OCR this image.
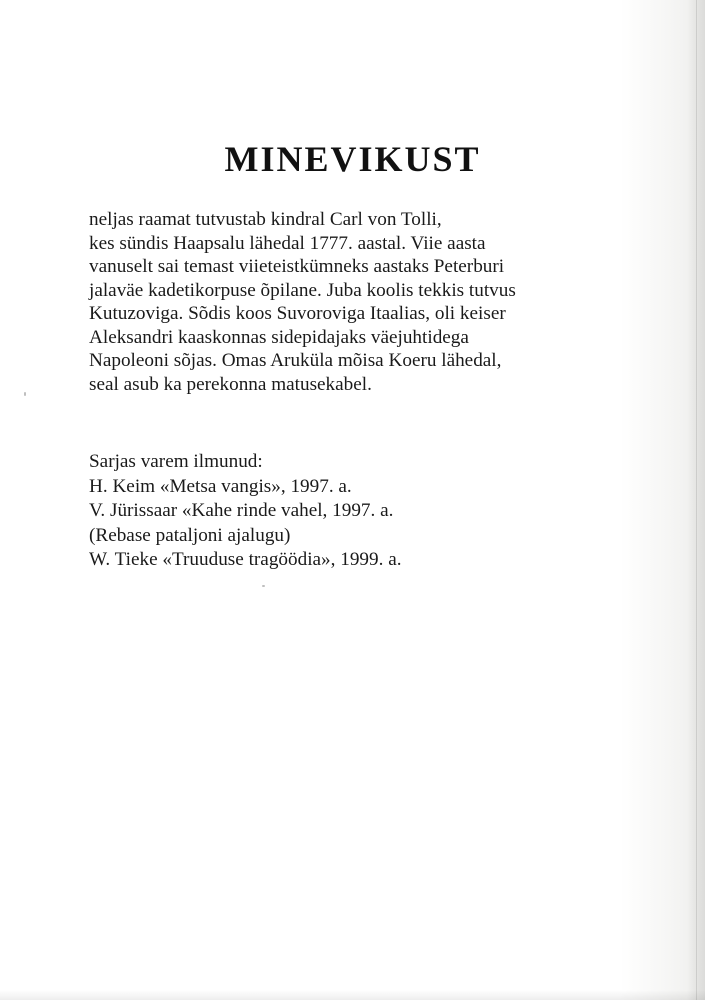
MINEVIKUST

neljas raamat tutvustab kindral Carl von Tolli,
kes sündis Haapsalu lähedal 1777. aastal. Viie aasta
vanuselt sai temast viieteistkümneks aastaks Peterburi
jalaväe kadetikorpuse õpilane. Juba koolis tekkis tutvus
Kutuzoviga. Sõdis koos Suvoroviga Itaalias, oli keiser
Aleksandri kaaskonnas sidepidajaks väejuhtidega
Napoleoni sõjas. Omas Aruküla mõisa Koeru lähedal,
seal asub ka perekonna matusekabel.

Sarjas varem ilmunud:
H. Keim «Metsa vangis», 1997. a.
V. Jürissaar «Kahe rinde vahel, 1997. a.
(Rebase pataljoni ajalugu)
W. Tieke «Truuduse tragöödia», 1999. a.
